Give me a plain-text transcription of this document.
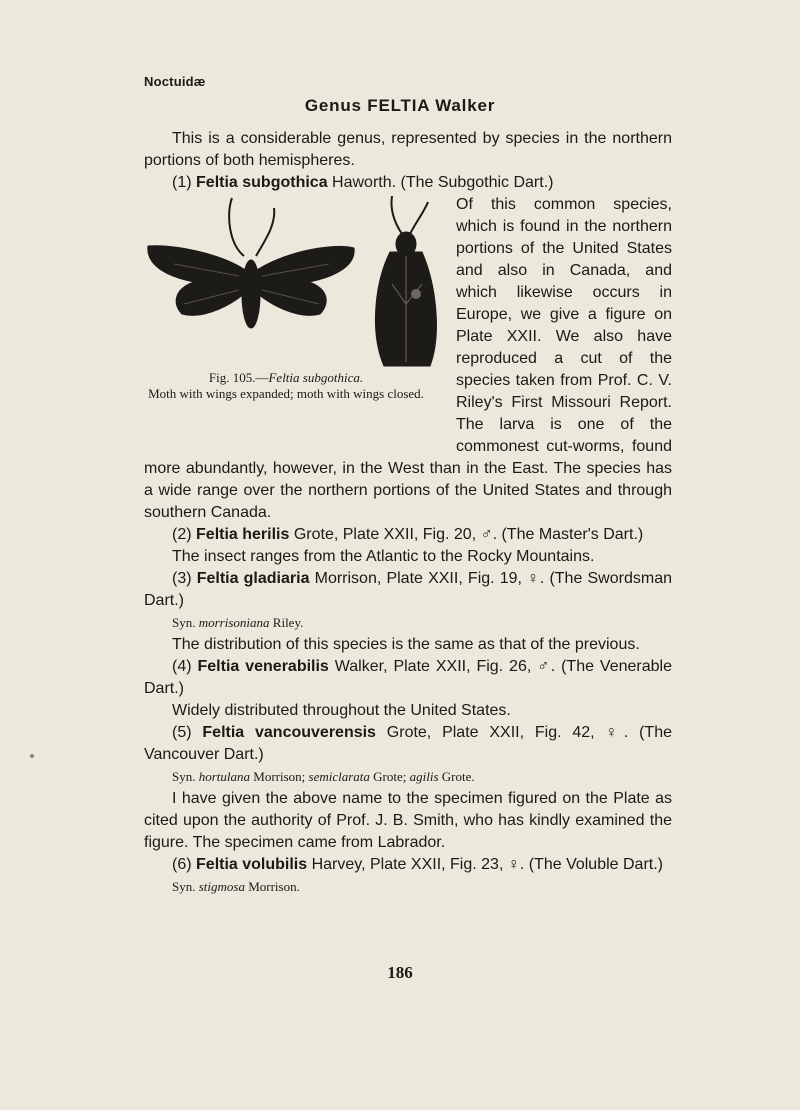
Noctuidæ
Genus FELTIA Walker

This is a considerable genus, represented by species in the northern portions of both hemispheres.

(1) Feltia subgothica Haworth. (The Subgothic Dart.)

Fig. 105.—Feltia subgothica.
Moth with wings expanded; moth with wings closed.
Of this common species, which is found in the northern portions of the United States and also in Canada, and which likewise occurs in Europe, we give a figure on Plate XXII. We also have reproduced a cut of the species taken from Prof. C. V. Riley's First Missouri Report. The larva is one of the commonest cut-worms, found more abundantly, however, in the West than in the East. The species has a wide range over the northern portions of the United States and through southern Canada.

(2) Feltia herilis Grote, Plate XXII, Fig. 20, ♂. (The Master's Dart.)

The insect ranges from the Atlantic to the Rocky Mountains.

(3) Feltia gladiaria Morrison, Plate XXII, Fig. 19, ♀. (The Swordsman Dart.)

Syn. morrisoniana Riley.

The distribution of this species is the same as that of the previous.

(4) Feltia venerabilis Walker, Plate XXII, Fig. 26, ♂. (The Venerable Dart.)

Widely distributed throughout the United States.

(5) Feltia vancouverensis Grote, Plate XXII, Fig. 42, ♀. (The Vancouver Dart.)

Syn. hortulana Morrison; semiclarata Grote; agilis Grote.

I have given the above name to the specimen figured on the Plate as cited upon the authority of Prof. J. B. Smith, who has kindly examined the figure. The specimen came from Labrador.

(6) Feltia volubilis Harvey, Plate XXII, Fig. 23, ♀. (The Voluble Dart.)

Syn. stigmosa Morrison.

186
